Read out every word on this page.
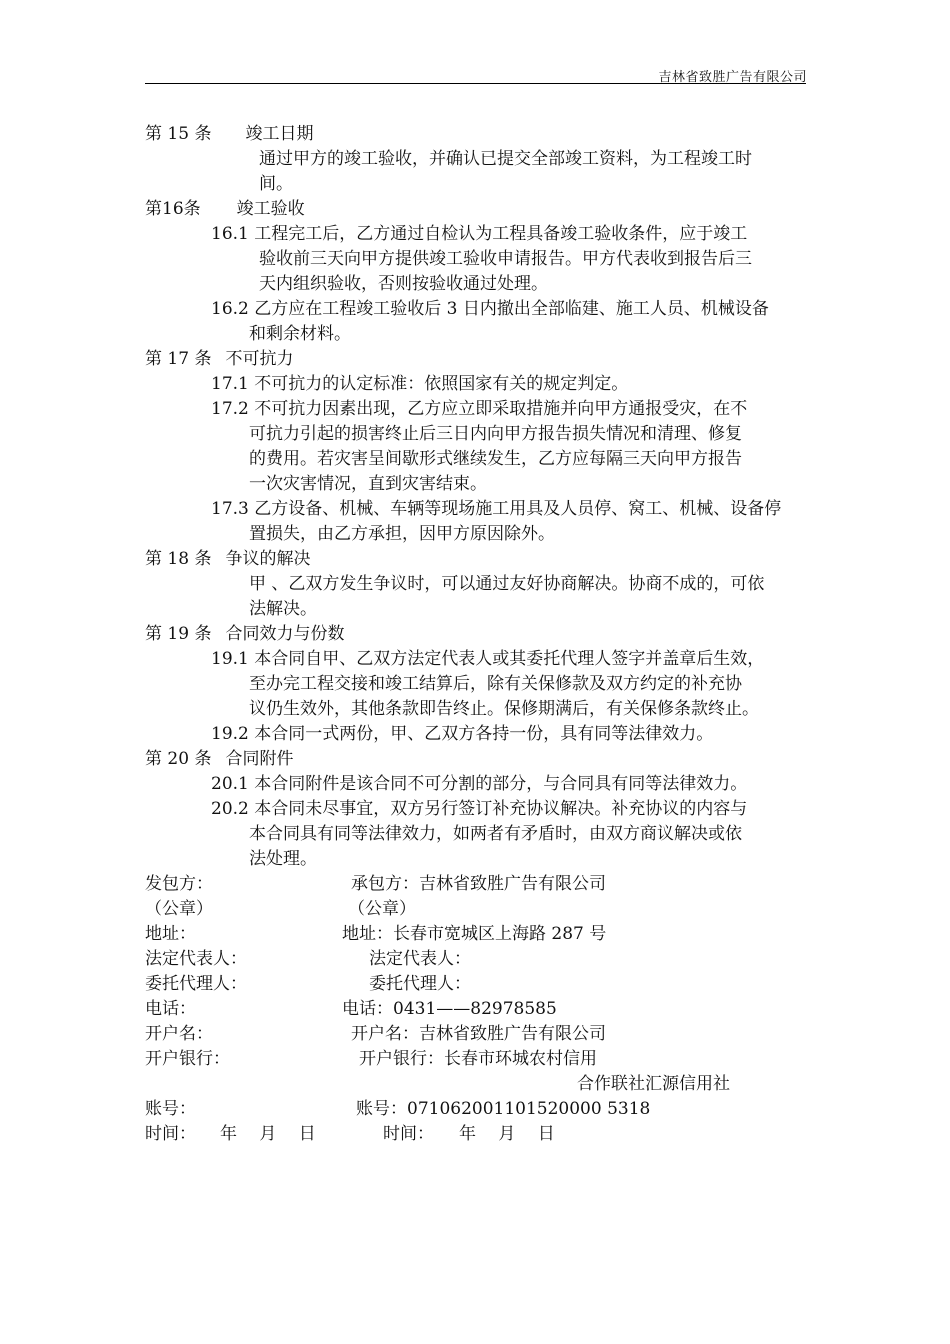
吉林省致胜广告有限公司
第 15 条 竣工日期
通过甲方的竣工验收，并确认已提交全部竣工资料，为工程竣工时
间。
第16条 竣工验收
16.1 工程完工后，乙方通过自检认为工程具备竣工验收条件，应于竣工
验收前三天向甲方提供竣工验收申请报告。甲方代表收到报告后三
天内组织验收，否则按验收通过处理。
16.2 乙方应在工程竣工验收后 3 日内撤出全部临建、施工人员、机械设备
和剩余材料。
第 17 条 不可抗力
17.1 不可抗力的认定标准：依照国家有关的规定判定。
17.2 不可抗力因素出现，乙方应立即采取措施并向甲方通报受灾，在不
可抗力引起的损害终止后三日内向甲方报告损失情况和清理、修复
的费用。若灾害呈间歇形式继续发生，乙方应每隔三天向甲方报告
一次灾害情况，直到灾害结束。
17.3 乙方设备、机械、车辆等现场施工用具及人员停、窝工、机械、设备停
置损失，由乙方承担，因甲方原因除外。
第 18 条 争议的解决
甲 、乙双方发生争议时，可以通过友好协商解决。协商不成的，可依
法解决。
第 19 条 合同效力与份数
19.1 本合同自甲、乙双方法定代表人或其委托代理人签字并盖章后生效，
至办完工程交接和竣工结算后，除有关保修款及双方约定的补充协
议仍生效外，其他条款即告终止。保修期满后，有关保修条款终止。
19.2 本合同一式两份，甲、乙双方各持一份，具有同等法律效力。
第 20 条 合同附件
20.1 本合同附件是该合同不可分割的部分，与合同具有同等法律效力。
20.2 本合同未尽事宜，双方另行签订补充协议解决。补充协议的内容与
本合同具有同等法律效力，如两者有矛盾时，由双方商议解决或依
法处理。
发包方：	承包方：吉林省致胜广告有限公司
（公章）	（公章）
地址：	地址：长春市宽城区上海路 287 号
法定代表人：	法定代表人：
委托代理人：	委托代理人：
电话：	电话：0431——82978585
开户名：	开户名：吉林省致胜广告有限公司
开户银行：	开户银行：长春市环城农村信用
合作联社汇源信用社
账号：	账号：071062001101520000 5318
时间： 年　 月　 日	时间： 年　 月　 日
